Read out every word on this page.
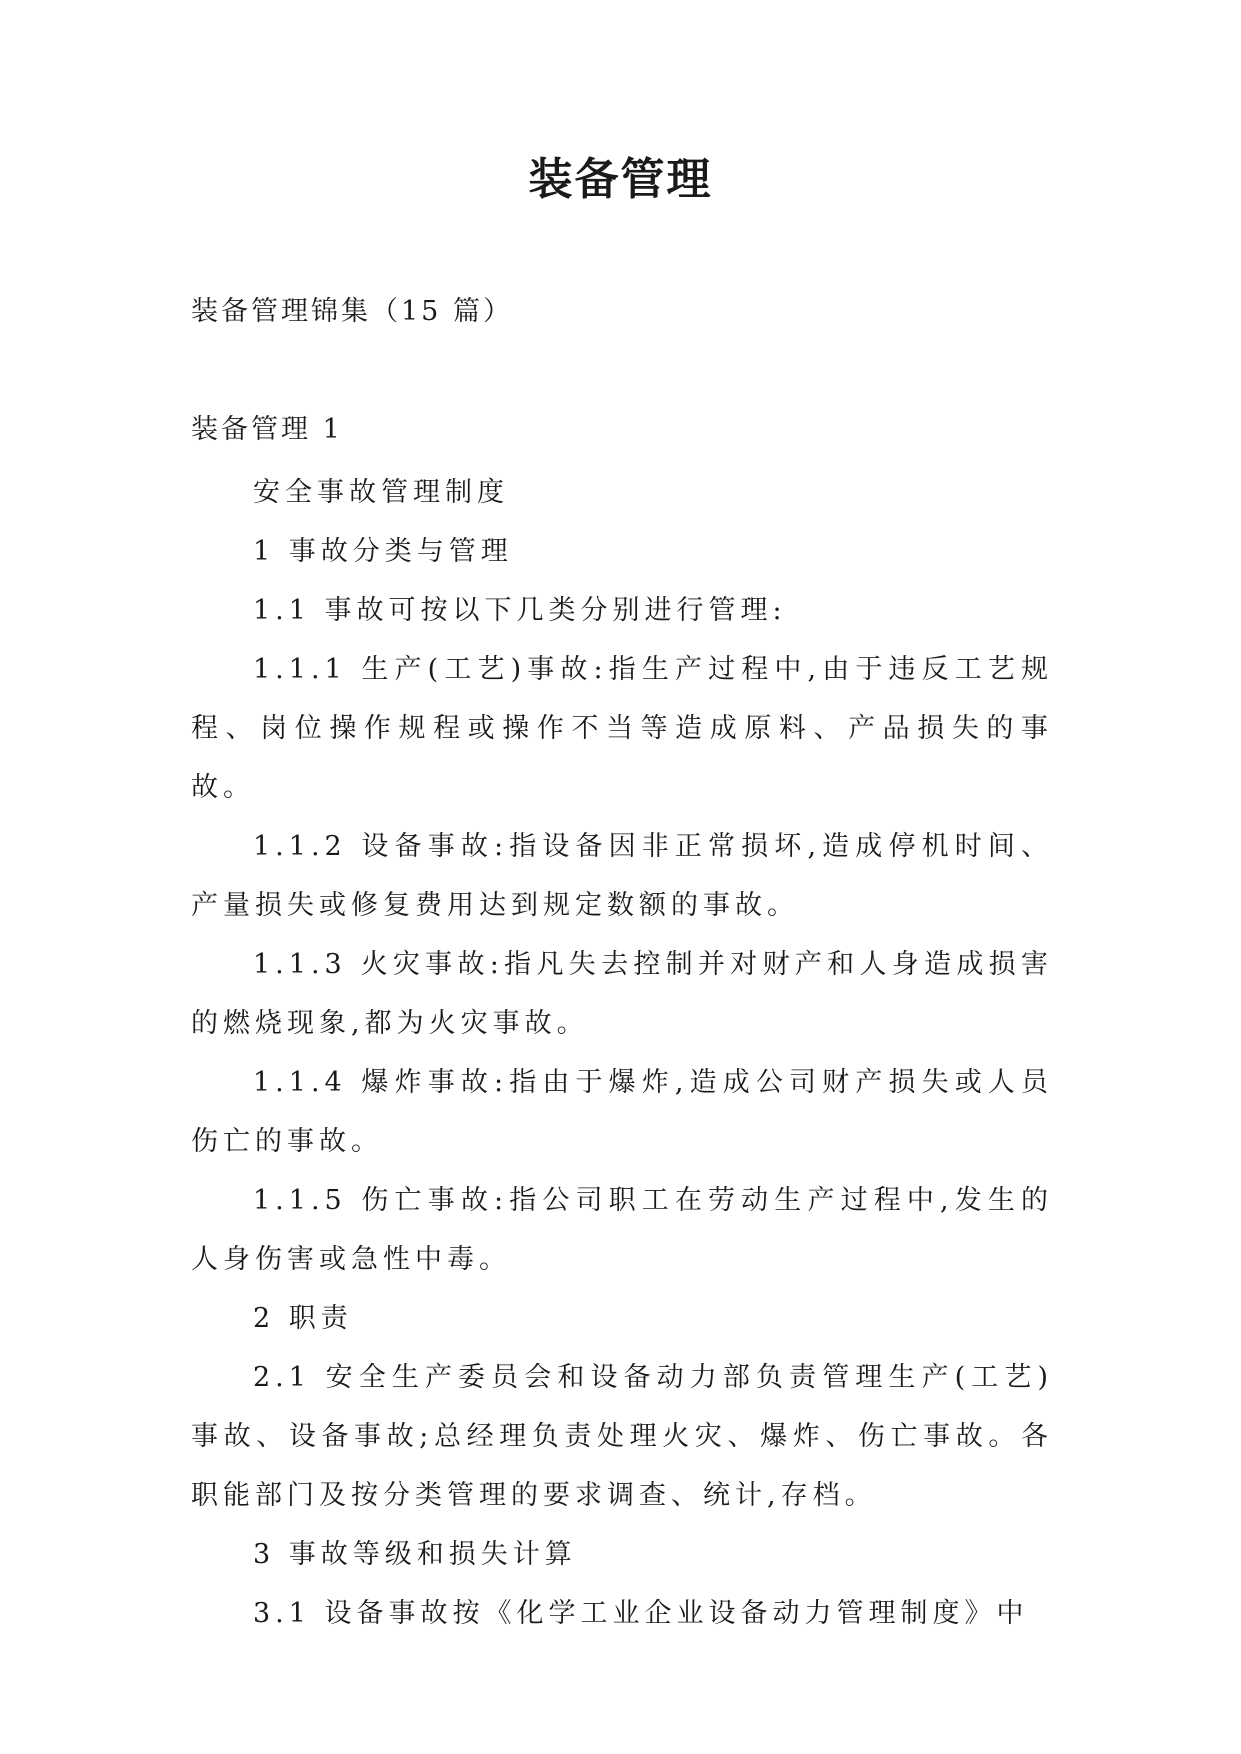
装备管理
装备管理锦集（15 篇）
装备管理 1

安全事故管理制度

1 事故分类与管理

1.1 事故可按以下几类分别进行管理:

1.1.1 生产(工艺)事故:指生产过程中,由于违反工艺规程、岗位操作规程或操作不当等造成原料、产品损失的事故。

1.1.2 设备事故:指设备因非正常损坏,造成停机时间、产量损失或修复费用达到规定数额的事故。

1.1.3 火灾事故:指凡失去控制并对财产和人身造成损害的燃烧现象,都为火灾事故。

1.1.4 爆炸事故:指由于爆炸,造成公司财产损失或人员伤亡的事故。

1.1.5 伤亡事故:指公司职工在劳动生产过程中,发生的人身伤害或急性中毒。

2 职责

2.1 安全生产委员会和设备动力部负责管理生产(工艺)事故、设备事故;总经理负责处理火灾、爆炸、伤亡事故。各职能部门及按分类管理的要求调查、统计,存档。

3 事故等级和损失计算

3.1 设备事故按《化学工业企业设备动力管理制度》中
